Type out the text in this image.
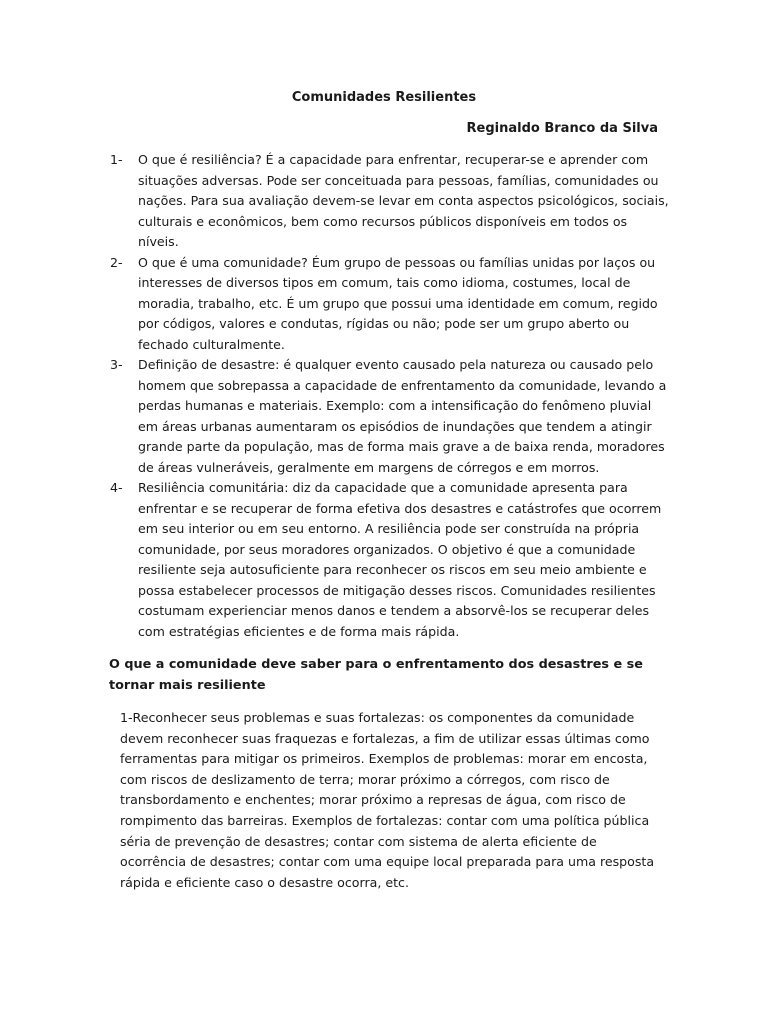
Comunidades Resilientes
Reginaldo Branco da Silva
1- O que é resiliência? É a capacidade para enfrentar, recuperar-se e aprender com situações adversas. Pode ser conceituada para pessoas, famílias, comunidades ou nações. Para sua avaliação devem-se levar em conta aspectos psicológicos, sociais, culturais e econômicos, bem como recursos públicos disponíveis em todos os níveis.
2- O que é uma comunidade? Éum grupo de pessoas ou famílias unidas por laços ou interesses de diversos tipos em comum, tais como idioma, costumes, local de moradia, trabalho, etc. É um grupo que possui uma identidade em comum, regido por códigos, valores e condutas, rígidas ou não; pode ser um grupo aberto ou fechado culturalmente.
3- Definição de desastre: é qualquer evento causado pela natureza ou causado pelo homem que sobrepassa a capacidade de enfrentamento da comunidade, levando a perdas humanas e materiais. Exemplo: com a intensificação do fenômeno pluvial em áreas urbanas aumentaram os episódios de inundações que tendem a atingir grande parte da população, mas de forma mais grave a de baixa renda, moradores de áreas vulneráveis, geralmente em margens de córregos e em morros.
4- Resiliência comunitária: diz da capacidade que a comunidade apresenta para enfrentar e se recuperar de forma efetiva dos desastres e catástrofes que ocorrem em seu interior ou em seu entorno. A resiliência pode ser construída na própria comunidade, por seus moradores organizados. O objetivo é que a comunidade resiliente seja autosuficiente para reconhecer os riscos em seu meio ambiente e possa estabelecer processos de mitigação desses riscos. Comunidades resilientes costumam experienciar menos danos e tendem a absorvê-los se recuperar deles com estratégias eficientes e de forma mais rápida.
O que a comunidade deve saber para o enfrentamento dos desastres e se tornar mais resiliente

1-Reconhecer seus problemas e suas fortalezas: os componentes da comunidade devem reconhecer suas fraquezas e fortalezas, a fim de utilizar essas últimas como ferramentas para mitigar os primeiros. Exemplos de problemas: morar em encosta, com riscos de deslizamento de terra; morar próximo a córregos, com risco de transbordamento e enchentes; morar próximo a represas de água, com risco de rompimento das barreiras. Exemplos de fortalezas: contar com uma política pública séria de prevenção de desastres; contar com sistema de alerta eficiente de ocorrência de desastres; contar com uma equipe local preparada para uma resposta rápida e eficiente caso o desastre ocorra, etc.
